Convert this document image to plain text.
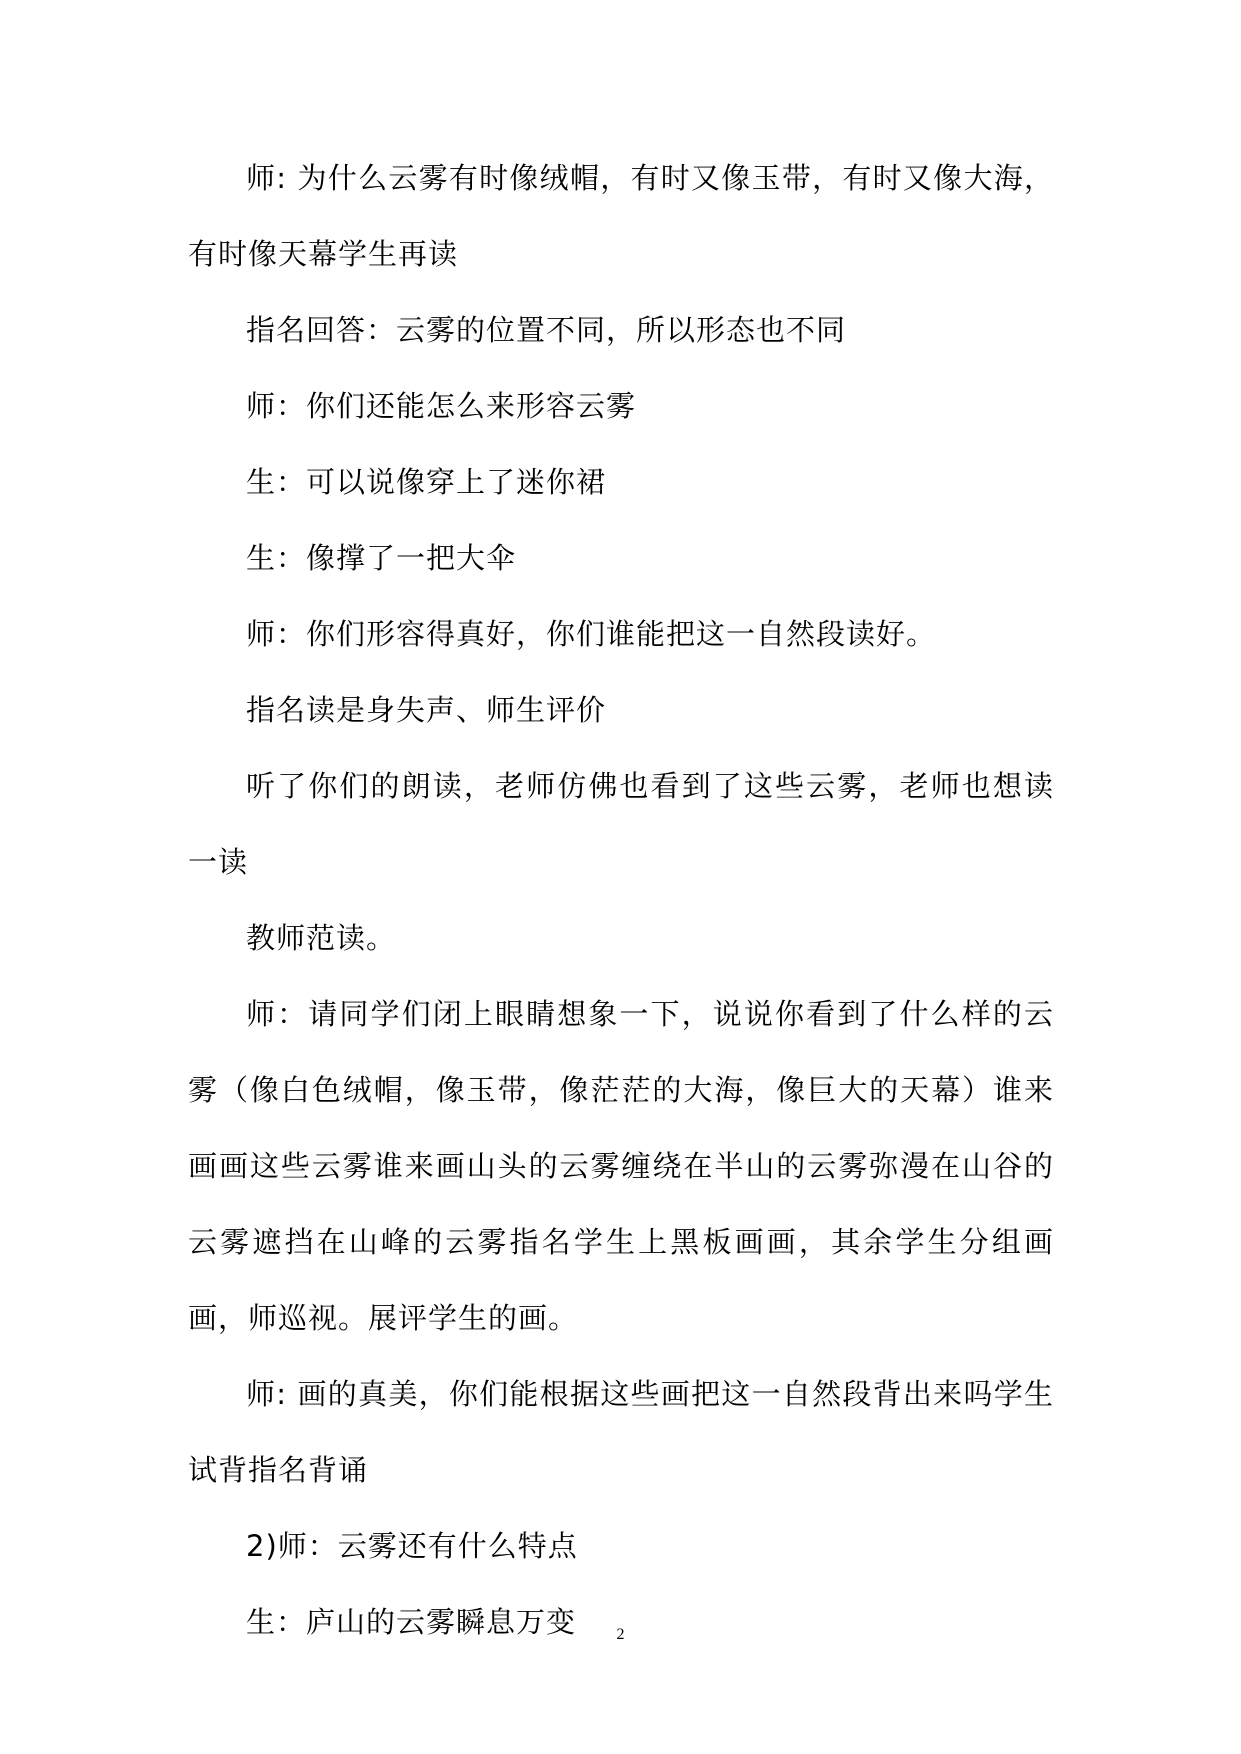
师: 为什么云雾有时像绒帽，有时又像玉带，有时又像大海，有时像天幕学生再读

指名回答：云雾的位置不同，所以形态也不同

师：你们还能怎么来形容云雾

生：可以说像穿上了迷你裙

生：像撑了一把大伞

师：你们形容得真好，你们谁能把这一自然段读好。

指名读是身失声、师生评价

听了你们的朗读，老师仿佛也看到了这些云雾，老师也想读一读

教师范读。

师：请同学们闭上眼睛想象一下，说说你看到了什么样的云雾（像白色绒帽，像玉带，像茫茫的大海，像巨大的天幕）谁来画画这些云雾谁来画山头的云雾缠绕在半山的云雾弥漫在山谷的云雾遮挡在山峰的云雾指名学生上黑板画画，其余学生分组画画，师巡视。展评学生的画。

师: 画的真美，你们能根据这些画把这一自然段背出来吗学生试背指名背诵

2)师：云雾还有什么特点

生：庐山的云雾瞬息万变	2
